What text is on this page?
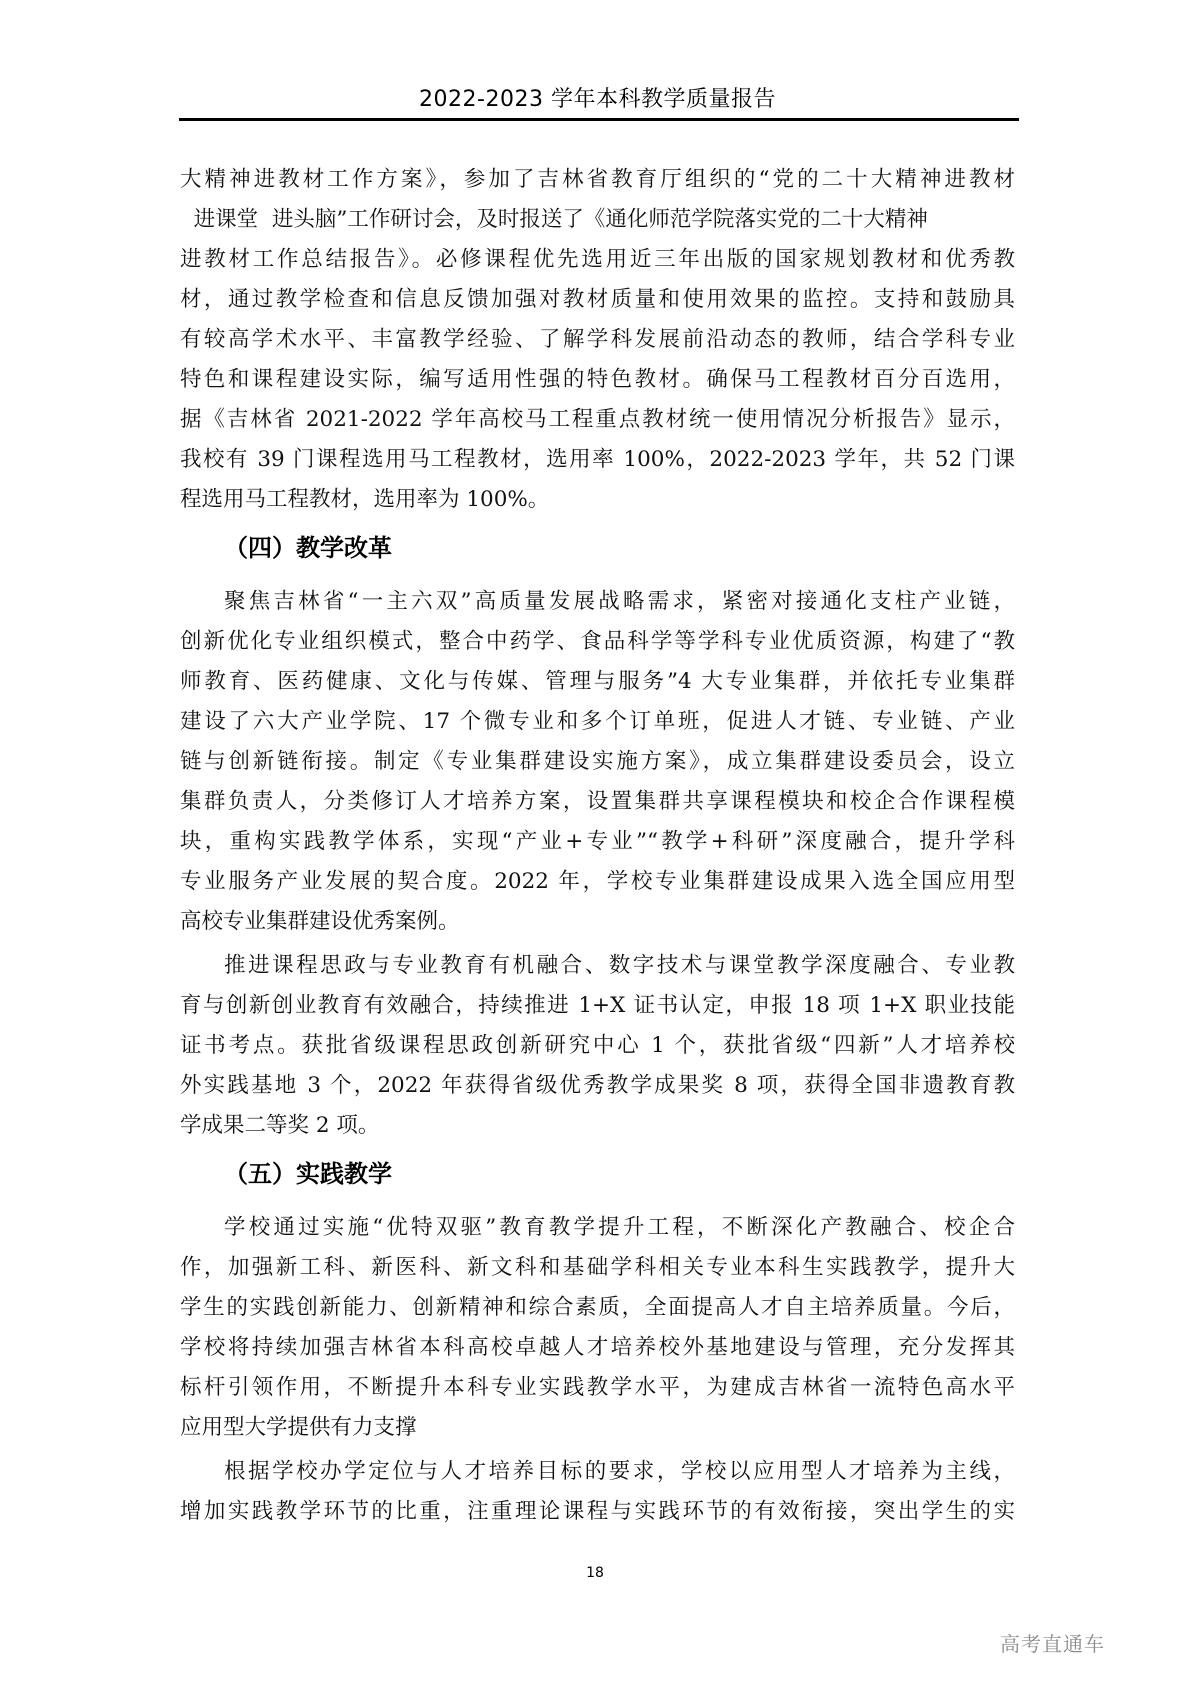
2022-2023 学年本科教学质量报告
大精神进教材工作方案》，参加了吉林省教育厅组织的“党的二十大精神进教材
进课堂  进头脑”工作研讨会，及时报送了《通化师范学院落实党的二十大精神
进教材工作总结报告》。必修课程优先选用近三年出版的国家规划教材和优秀教
材，通过教学检查和信息反馈加强对教材质量和使用效果的监控。支持和鼓励具
有较高学术水平、丰富教学经验、了解学科发展前沿动态的教师，结合学科专业
特色和课程建设实际，编写适用性强的特色教材。确保马工程教材百分百选用，
据《吉林省 2021-2022 学年高校马工程重点教材统一使用情况分析报告》显示，
我校有 39 门课程选用马工程教材，选用率 100%，2022-2023 学年，共 52 门课
程选用马工程教材，选用率为 100%。
（四）教学改革
聚焦吉林省“一主六双”高质量发展战略需求，紧密对接通化支柱产业链，
创新优化专业组织模式，整合中药学、食品科学等学科专业优质资源，构建了“教
师教育、医药健康、文化与传媒、管理与服务”4 大专业集群，并依托专业集群
建设了六大产业学院、17 个微专业和多个订单班，促进人才链、专业链、产业
链与创新链衔接。制定《专业集群建设实施方案》，成立集群建设委员会，设立
集群负责人，分类修订人才培养方案，设置集群共享课程模块和校企合作课程模
块，重构实践教学体系，实现“产业+专业”“教学+科研”深度融合，提升学科
专业服务产业发展的契合度。2022 年，学校专业集群建设成果入选全国应用型
高校专业集群建设优秀案例。
推进课程思政与专业教育有机融合、数字技术与课堂教学深度融合、专业教
育与创新创业教育有效融合，持续推进 1+X 证书认定，申报 18 项 1+X 职业技能
证书考点。获批省级课程思政创新研究中心 1 个，获批省级“四新”人才培养校
外实践基地 3 个，2022 年获得省级优秀教学成果奖 8 项，获得全国非遗教育教
学成果二等奖 2 项。
（五）实践教学
学校通过实施“优特双驱”教育教学提升工程，不断深化产教融合、校企合
作，加强新工科、新医科、新文科和基础学科相关专业本科生实践教学，提升大
学生的实践创新能力、创新精神和综合素质，全面提高人才自主培养质量。今后，
学校将持续加强吉林省本科高校卓越人才培养校外基地建设与管理，充分发挥其
标杆引领作用，不断提升本科专业实践教学水平，为建成吉林省一流特色高水平
应用型大学提供有力支撑
根据学校办学定位与人才培养目标的要求，学校以应用型人才培养为主线，
增加实践教学环节的比重，注重理论课程与实践环节的有效衔接，突出学生的实
18
高考直通车
